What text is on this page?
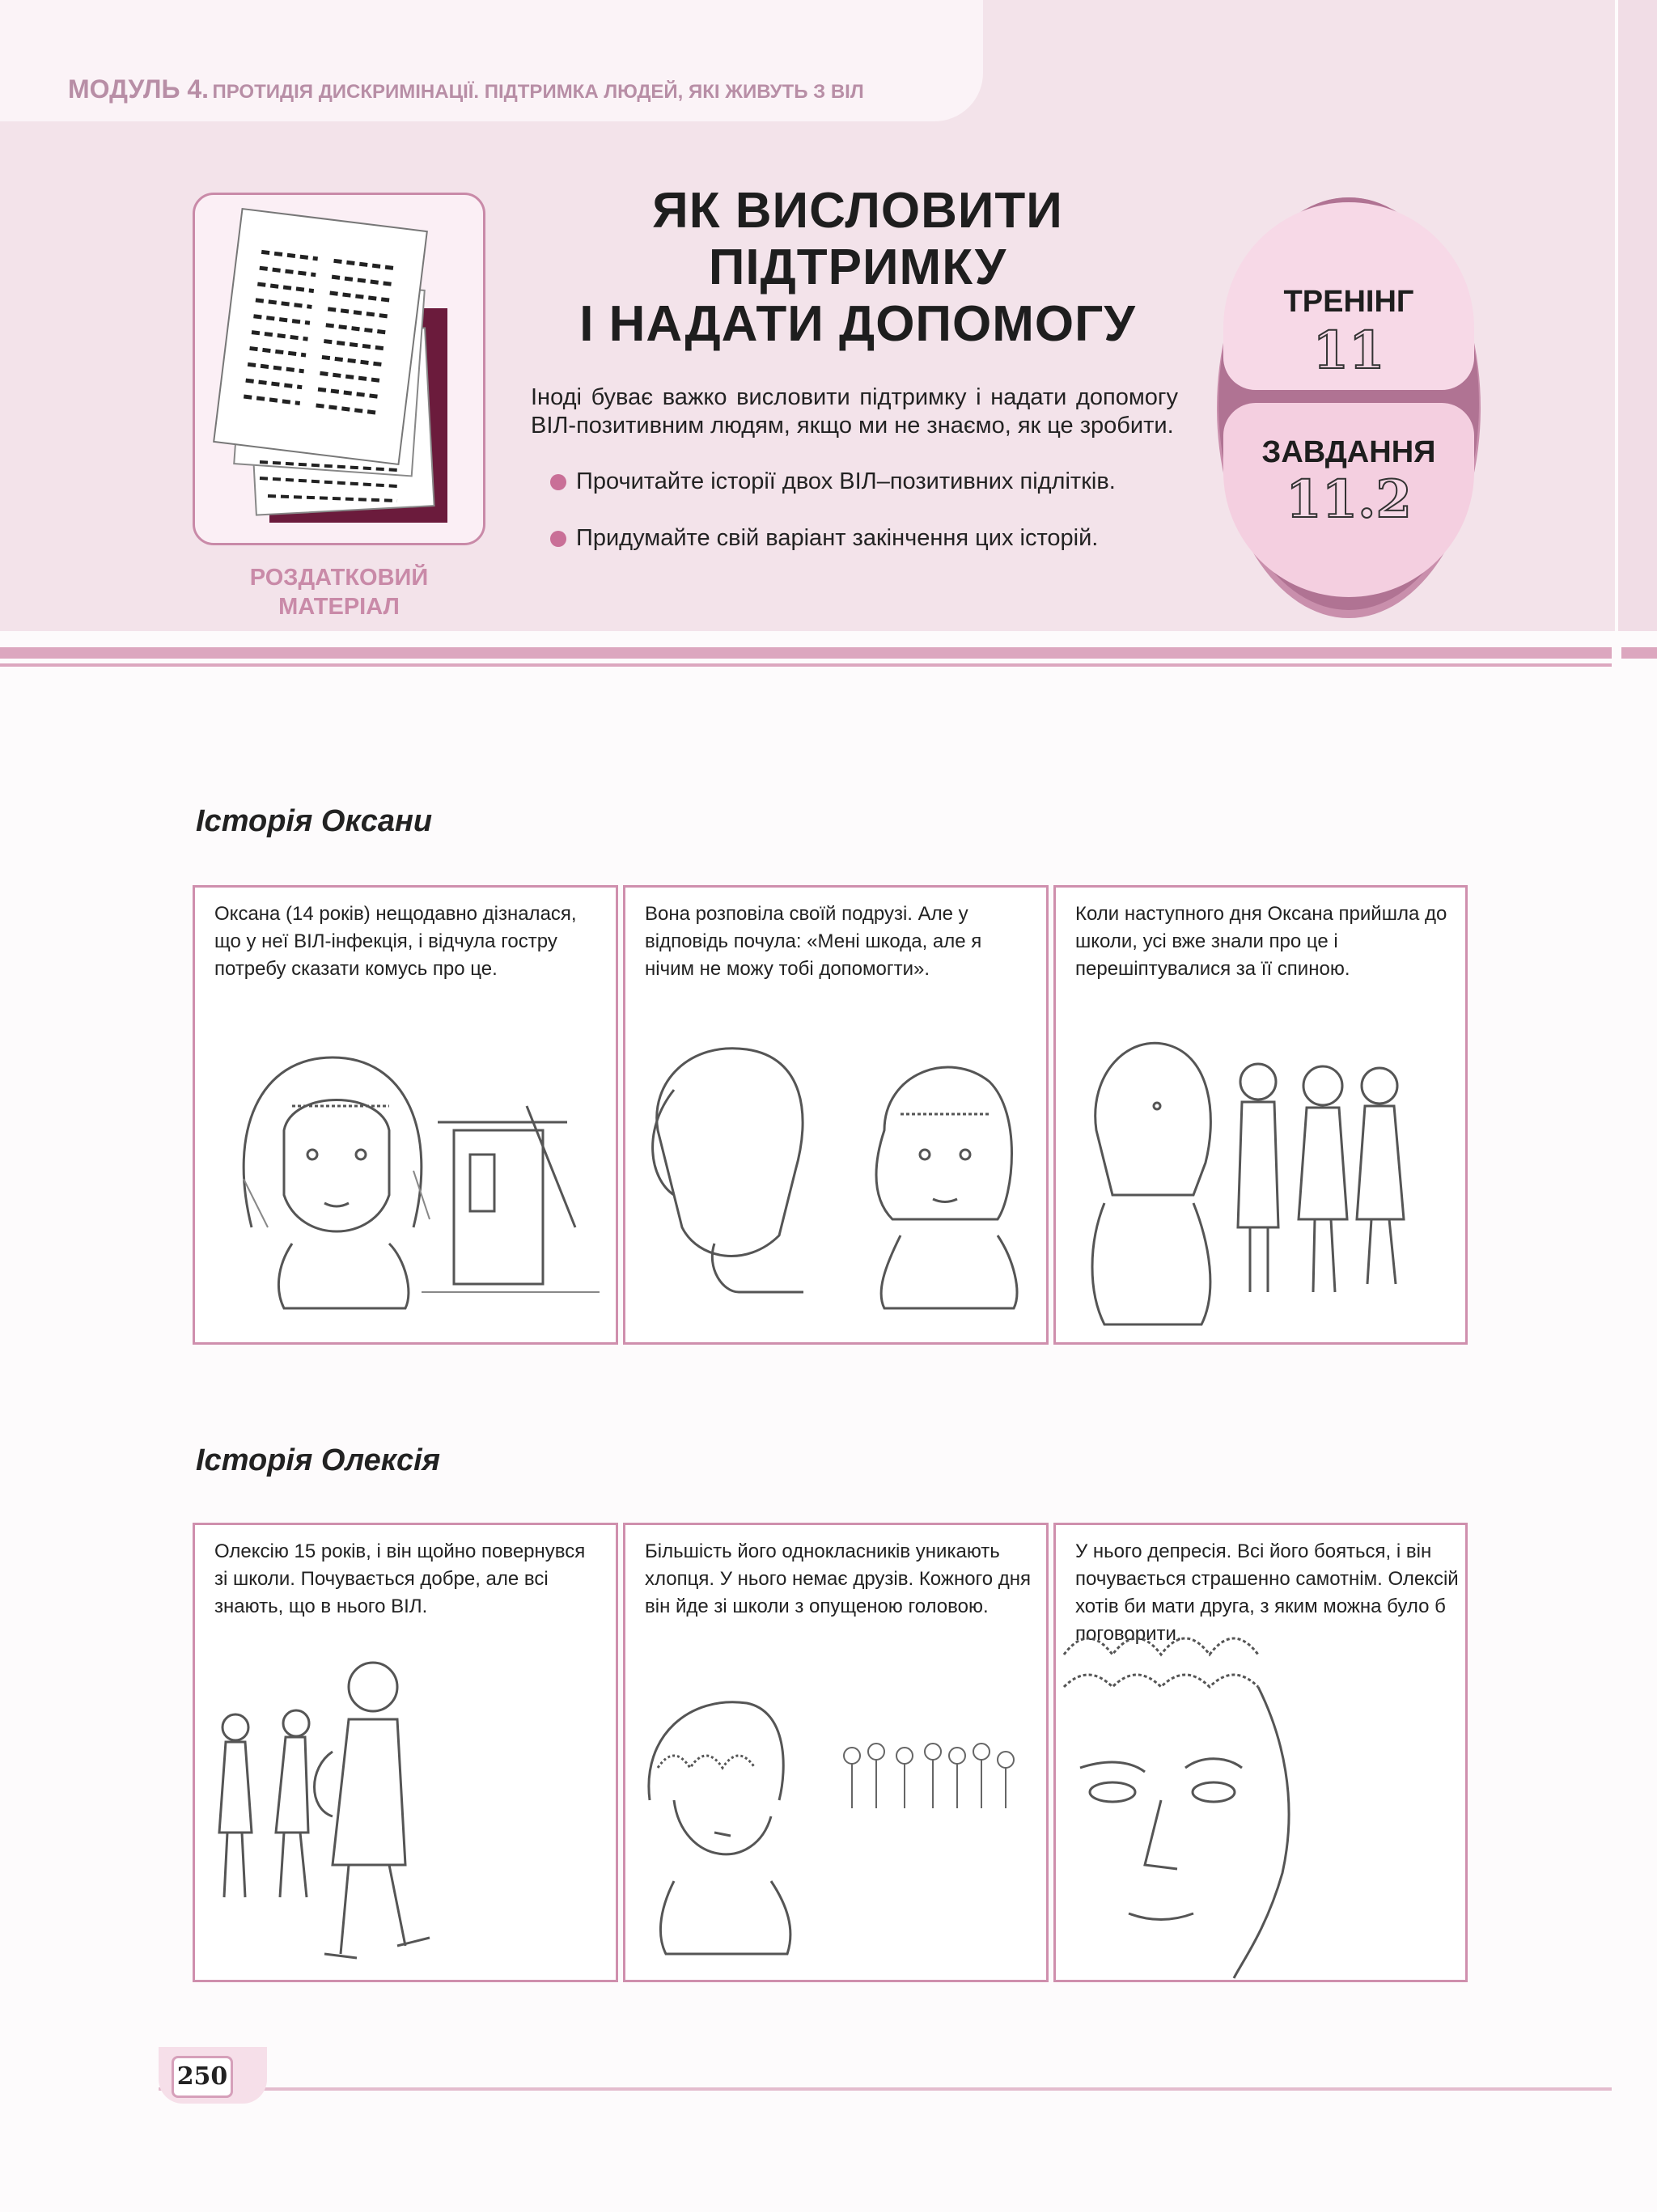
МОДУЛЬ 4. ПРОТИДІЯ ДИСКРИМІНАЦІЇ. ПІДТРИМКА ЛЮДЕЙ, ЯКІ ЖИВУТЬ З ВІЛ
РОЗДАТКОВИЙ
МАТЕРІАЛ
ЯК ВИСЛОВИТИ
ПІДТРИМКУ
І НАДАТИ ДОПОМОГУ
Іноді буває важко висловити підтримку і надати допомогу ВІЛ-позитивним людям, якщо ми не знаємо, як це зробити.
Прочитайте історії двох ВІЛ–позитивних підлітків.
Придумайте свій варіант закінчення цих історій.
ТРЕНІНГ
11
ЗАВДАННЯ
11.2
Історія Оксани
Оксана (14 років) нещодавно дізналася, що у неї ВІЛ-інфекція, і відчула гостру потребу сказати комусь про це.
Вона розповіла своїй подрузі. Але у відповідь почула: «Мені шкода, але я нічим не можу тобі допомогти».
Коли наступного дня Оксана прийшла до школи, усі вже знали про це і перешіптувалися за її спиною.
Історія Олексія
Олексію 15 років, і він щойно повернувся зі школи. Почувається добре, але всі знають, що в нього ВІЛ.
Більшість його однокласників уникають хлопця. У нього немає друзів. Кожного дня він йде зі школи з опущеною головою.
У нього депресія. Всі його бояться, і він почувається страшенно самотнім. Олексій хотів би мати друга, з яким можна було б поговорити.
250
